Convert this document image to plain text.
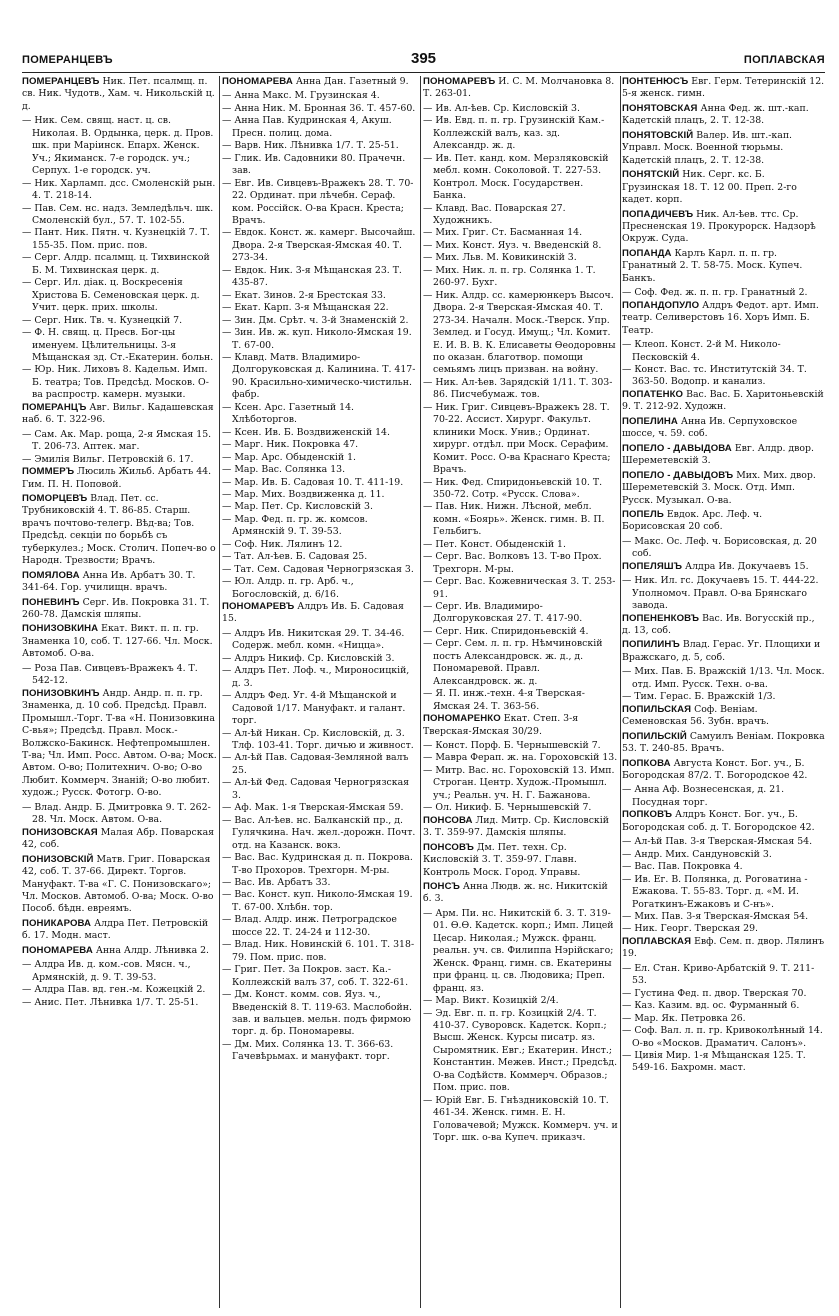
ПОМЕРАНЦЕВЪ	395	ПОПЛАВСКАЯ

ПОМЕРАНЦЕВЪ Ник. Пет. псалмщ. п. св. Ник. Чудотв., Хам. ч. Никольскій ц. д.

— Ник. Сем. свящ. наст. ц. св. Николая. В. Ордынка, церк. д. Пров. шк. при Маріинск. Епарх. Женск. Уч.; Якиманск. 7-е городск. уч.; Серпух. 1-е городск. уч.

— Ник. Харламп. дсс. Смоленскій рын. 4. Т. 218-14.

— Пав. Сем. нс. надз. Земледѣльч. шк. Смоленскій бул., 57. Т. 102-55.

— Пант. Ник. Пятн. ч. Кузнецкій 7. Т. 155-35. Пом. прис. пов.

— Серг. Алдр. псалмщ. ц. Тихвинской Б. М. Тихвинская церк. д.

— Серг. Ил. діак. ц. Воскресенія Христова Б. Семеновская церк. д. Учит. церк. прих. школы.

— Серг. Ник. Тв. ч. Кузнецкій 7.

— Ф. Н. свящ. ц. Пресв. Бог-цы именуем. Цѣлительницы. 3-я Мѣщанская зд. Ст.-Екатерин. больн.

— Юр. Ник. Лиховъ 8. Кадельм. Имп. Б. театра; Тов. Предсѣд. Москов. О-ва распростр. камерн. музыки.

ПОМЕРАНЦЪ Авг. Вильг. Кадашевская наб. 6. Т. 322-96.

— Сам. Ак. Мар. роща, 2-я Ямская 15. Т. 206-73. Аптек. маг.

— Эмилія Вильг. Петровскій 6. 17.

ПОММЕРЪ Люсиль Жильб. Арбатъ 44. Гим. П. Н. Поповой.

ПОМОРЦЕВЪ Влад. Пет. сс. Трубниковскій 4. Т. 86-85. Старш. врачъ почтово-телегр. Вѣд-ва; Тов. Предсѣд. секціи по борьбѣ съ туберкулез.; Моск. Столич. Попеч-во о Народн. Трезвости; Врачъ.

ПОМЯЛОВА Анна Ив. Арбатъ 30. Т. 341-64. Гор. училищн. врачъ.

ПОНЕВИНЪ Серг. Ив. Покровка 31. Т. 260-78. Дамскія шляпы.

ПОНИЗОВКИНА Екат. Викт. п. п. гр. Знаменка 10, соб. Т. 127-66. Чл. Моск. Автомоб. О-ва.

— Роза Пав. Сивцевъ-Вражекъ 4. Т. 542-12.

ПОНИЗОВКИНЪ Андр. Андр. п. п. гр. Знаменка, д. 10 соб. Предсѣд. Правл. Промышл.-Торг. Т-ва «Н. Понизовкина С-вья»; Предсѣд. Правл. Моск.-Волжско-Бакинск. Нефтепромышлен. Т-ва; Чл. Имп. Росс. Автом. О-ва; Моск. Автом. О-во; Политехнич. О-во; О-во Любит. Коммерч. Знаній; О-во любит. худож.; Русск. Фотогр. О-во.

— Влад. Андр. Б. Дмитровка 9. Т. 262-28. Чл. Моск. Автом. О-ва.

ПОНИЗОВСКАЯ Малая Абр. Поварская 42, соб.

ПОНИЗОВСКІЙ Матв. Григ. Поварская 42, соб. Т. 37-66. Директ. Торгов. Мануфакт. Т-ва «Г. С. Понизовскаго»; Чл. Москов. Автомоб. О-ва; Моск. О-во Пособ. бѣдн. евреямъ.

ПОНИКАРОВА Алдра Пет. Петровскій б. 17. Модн. маст.

ПОНОМАРЕВА Анна Алдр. Лѣнивка 2.

— Алдра Ив. д. ком.-сов. Мясн. ч., Армянскій, д. 9. Т. 39-53.

— Алдра Пав. вд. ген.-м. Кожецкій 2.

— Анис. Пет. Лѣнивка 1/7. Т. 25-51.

ПОНОМАРЕВА Анна Дан. Газетный 9.

— Анна Макс. М. Грузинская 4.

— Анна Ник. М. Бронная 36. Т. 457-60.

— Анна Пав. Кудринская 4, Акуш. Пресн. полиц. дома.

— Варв. Ник. Лѣнивка 1/7. Т. 25-51.

— Глик. Ив. Садовники 80. Прачечн. зав.

— Евг. Ив. Сивцевъ-Вражекъ 28. Т. 70-22. Ординат. при лѣчебн. Сераф. ком. Россійск. О-ва Красн. Креста; Врачъ.

— Евдок. Конст. ж. камерг. Высочайш. Двора. 2-я Тверская-Ямская 40. Т. 273-34.

— Евдок. Ник. 3-я Мѣщанская 23. Т. 435-87.

— Екат. Зинов. 2-я Брестская 33.

— Екат. Карп. 3-я Мѣщанская 22.

— Зин. Дм. Срѣт. ч. 3-й Знаменскій 2.

— Зин. Ив. ж. куп. Николо-Ямская 19. Т. 67-00.

— Клавд. Матв. Владимиро-Долгоруковская д. Калинина. Т. 417-90. Красильно-химическо-чистильн. фабр.

— Ксен. Арс. Газетный 14. Хлѣботоргов.

— Ксен. Ив. Б. Воздвиженскій 14.

— Марг. Ник. Покровка 47.

— Мар. Арс. Обыденскій 1.

— Мар. Вас. Солянка 13.

— Мар. Ив. Б. Садовая 10. Т. 411-19.

— Мар. Мих. Воздвиженка д. 11.

— Мар. Пет. Ср. Кисловскій 3.

— Мар. Фед. п. гр. ж. комсов. Армянскій 9. Т. 39-53.

— Соф. Ник. Лялинъ 12.

— Тат. Ал-ѣев. Б. Садовая 25.

— Тат. Сем. Садовая Черногрязская 3.

— Юл. Алдр. п. гр. Арб. ч., Богословскій, д. 6/16.

ПОНОМАРЕВЪ Алдръ Ив. Б. Садовая 15.

— Алдръ Ив. Никитская 29. Т. 34-46. Содерж. мебл. комн. «Ницца».

— Алдръ Никиф. Ср. Кисловскій 3.

— Алдръ Пет. Лоф. ч., Мироносицкій, д. 3.

— Алдръ Фед. Уг. 4-й Мѣщанской и Садовой 1/17. Мануфакт. и галант. торг.

— Ал-ѣй Никан. Ср. Кисловскій, д. 3. Тлф. 103-41. Торг. дичью и живност.

— Ал-ѣй Пав. Садовая-Земляной валъ 25.

— Ал-ѣй Фед. Садовая Черногрязская 3.

— Аф. Мак. 1-я Тверская-Ямская 59.

— Вас. Ал-ѣев. нс. Балканскій пр., д. Гулячкина. Нач. жел.-дорожн. Почт. отд. на Казанск. вокз.

— Вас. Вас. Кудринская д. п. Покрова. Т-во Прохоров. Трехгорн. М-ры.

— Вас. Ив. Арбатъ 33.

— Вас. Конст. куп. Николо-Ямская 19. Т. 67-00. Хлѣбн. тор.

— Влад. Алдр. инж. Петроградское шоссе 22. Т. 24-24 и 112-30.

— Влад. Ник. Новинскій 6. 101. Т. 318-79. Пом. прис. пов.

— Григ. Пет. За Покров. заст. Ка.-Коллежскій валъ 37, соб. Т. 322-61.

— Дм. Конст. комм. сов. Яуз. ч., Введенскій 8. Т. 119-63. Маслобойн. зав. и вальцев. мельн. подъ фирмою торг. д. бр. Пономаревы.

— Дм. Мих. Солянка 13. Т. 366-63. Гачевѣрьмах. и мануфакт. торг.

ПОНОМАРЕВЪ И. С. М. Молчановка 8. Т. 263-01.

— Ив. Ал-ѣев. Ср. Кисловскій 3.

— Ив. Евд. п. п. гр. Грузинскій Кам.-Коллежскій валъ, каз. зд. Александр. ж. д.

— Ив. Пет. канд. ком. Мерзляковскій мебл. комн. Соколовой. Т. 227-53. Контрол. Моск. Государствен. Банка.

— Клавд. Вас. Поварская 27. Художникъ.

— Мих. Григ. Ст. Басманная 14.

— Мих. Конст. Яуз. ч. Введенскій 8.

— Мих. Льв. М. Ковикинскій 3.

— Мих. Ник. л. п. гр. Солянка 1. Т. 260-97. Бухг.

— Ник. Алдр. сс. камерюнкеръ Высоч. Двора. 2-я Тверская-Ямская 40. Т. 273-34. Началн. Моск.-Тверск. Упр. Землед. и Госуд. Имущ.; Чл. Комит. Е. И. В. В. К. Елисаветы Ѳеодоровны по оказан. благотвор. помощи семьямъ лицъ призван. на войну.

— Ник. Ал-ѣев. Зарядскій 1/11. Т. 303-86. Писчебумаж. тов.

— Ник. Григ. Сивцевъ-Вражекъ 28. Т. 70-22. Ассист. Хирург. Факульт. клиники Моск. Унив.; Ординат. хирург. отдѣл. при Моск. Серафим. Комит. Росс. О-ва Краснаго Креста; Врачъ.

— Ник. Фед. Спиридоньевскій 10. Т. 350-72. Сотр. «Русск. Слова».

— Пав. Ник. Нижн. Лѣсной, мебл. комн. «Боярь». Женск. гимн. В. П. Гельбигъ.

— Пет. Конст. Обыденскій 1.

— Серг. Вас. Волковъ 13. Т-во Прох. Трехгорн. М-ры.

— Серг. Вас. Кожевническая 3. Т. 253-91.

— Серг. Ив. Владимиро-Долгоруковская 27. Т. 417-90.

— Серг. Ник. Спиридоньевскій 4.

— Серг. Сем. л. п. гр. Нѣмчиновскій постъ Александровск. ж. д., д. Пономаревой. Правл. Александровск. ж. д.

— Я. П. инж.-техн. 4-я Тверская-Ямская 24. Т. 363-56.

ПОНОМАРЕНКО Екат. Степ. 3-я Тверская-Ямская 30/29.

— Конст. Порф. Б. Чернышевскій 7.

— Мавра Ферап. ж. на. Гороховскій 13.

— Митр. Вас. нс. Гороховскій 13. Имп. Строган. Центр. Худож.-Промышл. уч.; Реальн. уч. Н. Г. Бажанова.

— Ол. Никиф. Б. Чернышевскій 7.

ПОНСОВА Лид. Митр. Ср. Кисловскій 3. Т. 359-97. Дамскія шляпы.

ПОНСОВЪ Дм. Пет. техн. Ср. Кисловскій 3. Т. 359-97. Главн. Контроль Моск. Город. Управы.

ПОНСЪ Анна Людв. ж. нс. Никитскій б. 3.

— Арм. Пи. нс. Никитскій б. 3. Т. 319-01. Ѳ.Ѳ. Кадетск. корп.; Имп. Лицей Цесар. Николая.; Мужск. франц. реальн. уч. св. Филиппа Нэрійскаго; Женск. Франц. гимн. св. Екатерины при франц. ц. св. Людовика; Преп. франц. яз.

— Мар. Викт. Козицкій 2/4.

— Эд. Евг. п. п. гр. Козицкій 2/4. Т. 410-37. Суворовск. Кадетск. Корп.; Высш. Женск. Курсы писатр. яз. Сыромятник. Евг.; Екатерин. Инст.; Константин. Межев. Инст.; Предсѣд. О-ва Содѣйств. Коммерч. Образов.; Пом. прис. пов.

— Юрій Евг. Б. Гнѣздниковскій 10. Т. 461-34. Женск. гимн. Е. Н. Головачевой; Мужск. Коммерч. уч. и Торг. шк. о-ва Купеч. приказч.

ПОНТЕНЮСЪ Евг. Герм. Тетеринскій 12. 5-я женск. гимн.

ПОНЯТОВСКАЯ Анна Фед. ж. шт.-кап. Кадетскій плацъ, 2. Т. 12-38.

ПОНЯТОВСКІЙ Валер. Ив. шт.-кап. Управл. Моск. Военной тюрьмы. Кадетскій плацъ, 2. Т. 12-38.

ПОНЯТСКІЙ Ник. Серг. кс. Б. Грузинская 18. Т. 12 00. Преп. 2-го кадет. корп.

ПОПАДИЧЕВЪ Ник. Ал-ѣев. ттс. Ср. Пресненская 19. Прокурорск. Надзорѣ Окруж. Суда.

ПОПАНДА Карлъ Карл. п. п. гр. Гранатный 2. Т. 58-75. Моск. Купеч. Банкъ.

— Соф. Фед. ж. п. п. гр. Гранатный 2.

ПОПАНДОПУЛО Алдръ Федот. арт. Имп. театр. Селиверстовъ 16. Хоръ Имп. Б. Театр.

— Клеоп. Конст. 2-й М. Николо-Песковскій 4.

— Конст. Вас. тс. Институтскій 34. Т. 363-50. Водопр. и канализ.

ПОПАТЕНКО Вас. Вас. Б. Харитоньевскій 9. Т. 212-92. Художн.

ПОПЕЛИНА Анна Ив. Серпуховское шоссе, ч. 59. соб.

ПОПЕЛО - ДАВЫДОВА Евг. Алдр. двор. Шереметевскій 3.

ПОПЕЛО - ДАВЫДОВЪ Мих. Мих. двор. Шереметевскій 3. Моск. Отд. Имп. Русск. Музыкал. О-ва.

ПОПЕЛЬ Евдок. Арс. Леф. ч. Борисовская 20 соб.

— Макс. Ос. Леф. ч. Борисовская, д. 20 соб.

ПОПЕЛЯШЪ Алдра Ив. Докучаевъ 15.

— Ник. Ил. гс. Докучаевъ 15. Т. 444-22. Уполномоч. Правл. О-ва Брянскаго завода.

ПОПЕНЕНКОВЪ Вас. Ив. Вогусскій пр., д. 13, соб.

ПОПИЛИНЪ Влад. Герас. Уг. Площихи и Вражскаго, д. 5, соб.

— Мих. Пав. Б. Вражскій 1/13. Чл. Моск. отд. Имп. Русск. Техн. о-ва.

— Тим. Герас. Б. Вражскій 1/3.

ПОПИЛЬСКАЯ Соф. Веніам. Семеновская 56. Зубн. врачъ.

ПОПИЛЬСКІЙ Самуилъ Веніам. Покровка 53. Т. 240-85. Врачъ.

ПОПКОВА Августа Конст. Бог. уч., Б. Богородская 87/2. Т. Богородское 42.

— Анна Аф. Вознесенская, д. 21. Посудная торг.

ПОПКОВЪ Алдръ Конст. Бог. уч., Б. Богородская соб. д. Т. Богородское 42.

— Ал-ѣй Пав. 3-я Тверская-Ямская 54.

— Андр. Мих. Сандуновскій 3.

— Вас. Пав. Покровка 4.

— Ив. Ег. В. Полянка, д. Роговатина - Ежакова. Т. 55-83. Торг. д. «М. И. Рогаткинъ-Ежаковъ и С-нъ».

— Мих. Пав. 3-я Тверская-Ямская 54.

— Ник. Георг. Тверская 29.

ПОПЛАВСКАЯ Евф. Сем. п. двор. Лялинъ 19.

— Ел. Стан. Криво-Арбатскій 9. Т. 211-53.

— Густина Фед. п. двор. Тверская 70.

— Каз. Казим. вд. ос. Фурманный 6.

— Мар. Як. Петровка 26.

— Соф. Вал. л. п. гр. Кривоколѣнный 14. О-во «Москов. Драматич. Салонъ».

— Цивія Мир. 1-я Мѣщанская 125. Т. 549-16. Бахромн. маст.
